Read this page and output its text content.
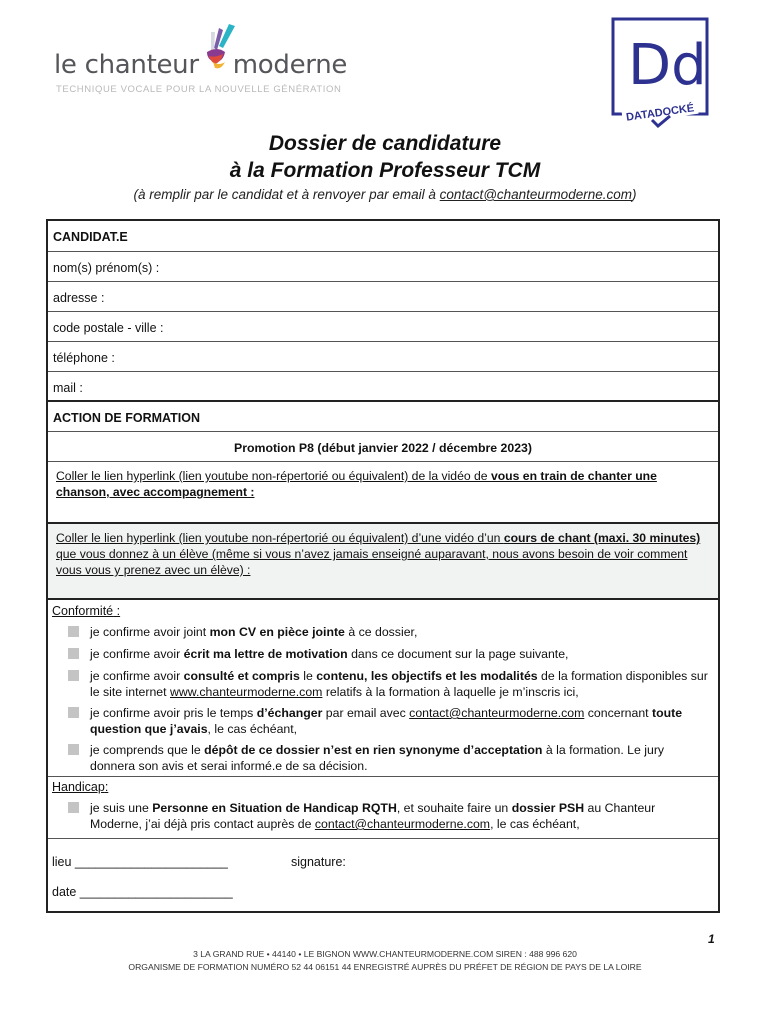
le chanteur moderne
TECHNIQUE VOCALE POUR LA NOUVELLE GÉNÉRATION	Dd
DATADOCKÉ
Dossier de candidature
à la Formation Professeur TCM
(à remplir par le candidat et à renvoyer par email à contact@chanteurmoderne.com)
CANDIDAT.E
nom(s) prénom(s) :
adresse :
code postale - ville :
téléphone :
mail :
ACTION DE FORMATION
Promotion P8 (début janvier 2022 / décembre 2023)
Coller le lien hyperlink (lien youtube non-répertorié ou équivalent) de la vidéo de vous en train de chanter une chanson, avec accompagnement :
Coller le lien hyperlink (lien youtube non-répertorié ou équivalent) d’une vidéo d’un cours de chant (maxi. 30 minutes) que vous donnez à un élève (même si vous n’avez jamais enseigné auparavant, nous avons besoin de voir comment vous vous y prenez avec un élève) :
Conformité :
je confirme avoir joint mon CV en pièce jointe à ce dossier,
je confirme avoir écrit ma lettre de motivation dans ce document sur la page suivante,
je confirme avoir consulté et compris le contenu, les objectifs et les modalités de la formation disponibles sur le site internet www.chanteurmoderne.com relatifs à la formation à laquelle je m’inscris ici,
je confirme avoir pris le temps d’échanger par email avec contact@chanteurmoderne.com concernant toute question que j’avais, le cas échéant,
je comprends que le dépôt de ce dossier n’est en rien synonyme d’acceptation à la formation. Le jury donnera son avis et serai informé.e de sa décision.
Handicap:
je suis une Personne en Situation de Handicap RQTH, et souhaite faire un dossier PSH au Chanteur Moderne, j’ai déjà pris contact auprès de contact@chanteurmoderne.com, le cas échéant,
lieu ______________________	signature:
date ______________________
1
3 LA GRAND RUE • 44140 • LE BIGNON WWW.CHANTEURMODERNE.COM SIREN : 488 996 620
ORGANISME DE FORMATION NUMÉRO 52 44 06151 44 ENREGISTRÉ AUPRÈS DU PRÉFET DE RÉGION DE PAYS DE LA LOIRE
